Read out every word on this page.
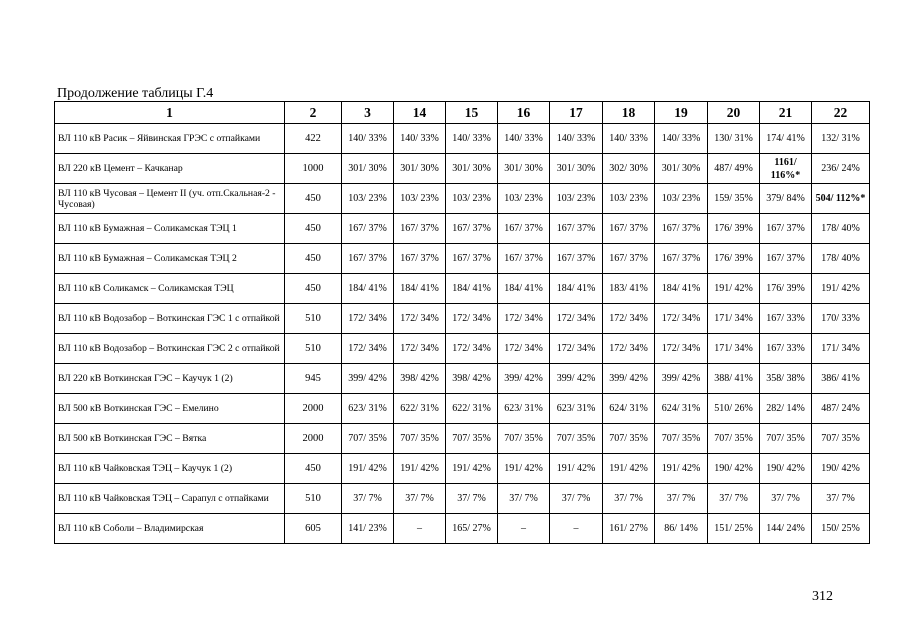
Продолжение таблицы Г.4
1	2	3	14	15	16	17	18	19	20	21	22
ВЛ 110 кВ Расик – Яйвинская ГРЭС с отпайками	422	140/ 33%	140/ 33%	140/ 33%	140/ 33%	140/ 33%	140/ 33%	140/ 33%	130/ 31%	174/ 41%	132/ 31%
ВЛ 220 кВ Цемент – Качканар	1000	301/ 30%	301/ 30%	301/ 30%	301/ 30%	301/ 30%	302/ 30%	301/ 30%	487/ 49%	1161/ 116%*	236/ 24%
ВЛ 110 кВ Чусовая – Цемент II (уч. отп.Скальная-2 - Чусовая)	450	103/ 23%	103/ 23%	103/ 23%	103/ 23%	103/ 23%	103/ 23%	103/ 23%	159/ 35%	379/ 84%	504/ 112%*
ВЛ 110 кВ Бумажная – Соликамская ТЭЦ 1	450	167/ 37%	167/ 37%	167/ 37%	167/ 37%	167/ 37%	167/ 37%	167/ 37%	176/ 39%	167/ 37%	178/ 40%
ВЛ 110 кВ Бумажная – Соликамская ТЭЦ 2	450	167/ 37%	167/ 37%	167/ 37%	167/ 37%	167/ 37%	167/ 37%	167/ 37%	176/ 39%	167/ 37%	178/ 40%
ВЛ 110 кВ Соликамск – Соликамская ТЭЦ	450	184/ 41%	184/ 41%	184/ 41%	184/ 41%	184/ 41%	183/ 41%	184/ 41%	191/ 42%	176/ 39%	191/ 42%
ВЛ 110 кВ Водозабор – Воткинская ГЭС 1 с отпайкой	510	172/ 34%	172/ 34%	172/ 34%	172/ 34%	172/ 34%	172/ 34%	172/ 34%	171/ 34%	167/ 33%	170/ 33%
ВЛ 110 кВ Водозабор – Воткинская ГЭС 2 с отпайкой	510	172/ 34%	172/ 34%	172/ 34%	172/ 34%	172/ 34%	172/ 34%	172/ 34%	171/ 34%	167/ 33%	171/ 34%
ВЛ 220 кВ Воткинская ГЭС – Каучук 1 (2)	945	399/ 42%	398/ 42%	398/ 42%	399/ 42%	399/ 42%	399/ 42%	399/ 42%	388/ 41%	358/ 38%	386/ 41%
ВЛ 500 кВ Воткинская ГЭС – Емелино	2000	623/ 31%	622/ 31%	622/ 31%	623/ 31%	623/ 31%	624/ 31%	624/ 31%	510/ 26%	282/ 14%	487/ 24%
ВЛ 500 кВ Воткинская ГЭС – Вятка	2000	707/ 35%	707/ 35%	707/ 35%	707/ 35%	707/ 35%	707/ 35%	707/ 35%	707/ 35%	707/ 35%	707/ 35%
ВЛ 110 кВ Чайковская ТЭЦ – Каучук 1 (2)	450	191/ 42%	191/ 42%	191/ 42%	191/ 42%	191/ 42%	191/ 42%	191/ 42%	190/ 42%	190/ 42%	190/ 42%
ВЛ 110 кВ Чайковская ТЭЦ – Сарапул с отпайками	510	37/ 7%	37/ 7%	37/ 7%	37/ 7%	37/ 7%	37/ 7%	37/ 7%	37/ 7%	37/ 7%	37/ 7%
ВЛ 110 кВ Соболи – Владимирская	605	141/ 23%	–	165/ 27%	–	–	161/ 27%	86/ 14%	151/ 25%	144/ 24%	150/ 25%
312
